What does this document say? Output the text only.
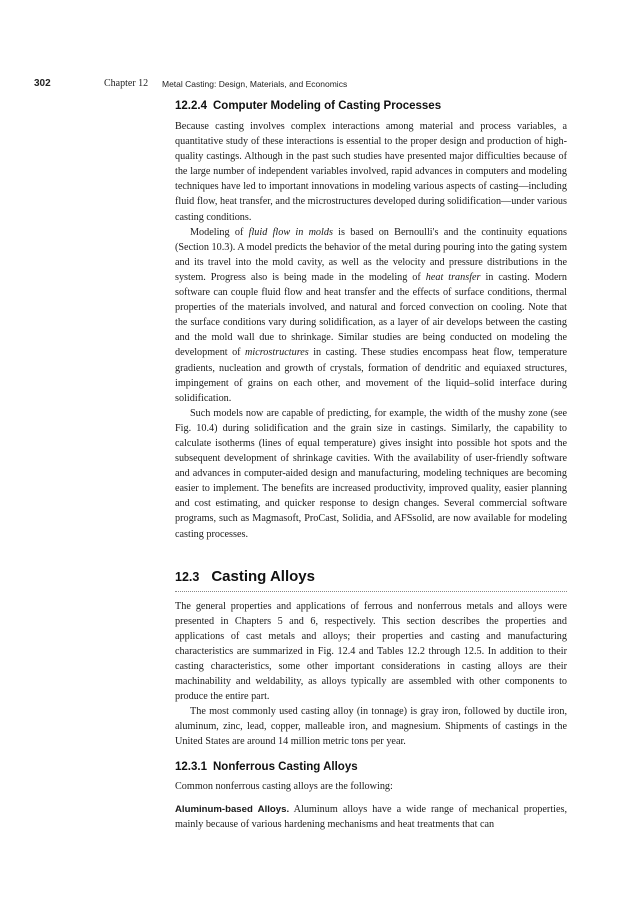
302	Chapter 12 Metal Casting: Design, Materials, and Economics
12.2.4 Computer Modeling of Casting Processes

Because casting involves complex interactions among material and process variables, a quantitative study of these interactions is essential to the proper design and production of high-quality castings. Although in the past such studies have presented major difficulties because of the large number of independent variables involved, rapid advances in computers and modeling techniques have led to important innovations in modeling various aspects of casting—including fluid flow, heat transfer, and the microstructures developed during solidification—under various casting conditions.

Modeling of fluid flow in molds is based on Bernoulli's and the continuity equations (Section 10.3). A model predicts the behavior of the metal during pouring into the gating system and its travel into the mold cavity, as well as the velocity and pressure distributions in the system. Progress also is being made in the modeling of heat transfer in casting. Modern software can couple fluid flow and heat transfer and the effects of surface conditions, thermal properties of the materials involved, and natural and forced convection on cooling. Note that the surface conditions vary during solidification, as a layer of air develops between the casting and the mold wall due to shrinkage. Similar studies are being conducted on modeling the development of microstructures in casting. These studies encompass heat flow, temperature gradients, nucleation and growth of crystals, formation of dendritic and equiaxed structures, impingement of grains on each other, and movement of the liquid–solid interface during solidification.

Such models now are capable of predicting, for example, the width of the mushy zone (see Fig. 10.4) during solidification and the grain size in castings. Similarly, the capability to calculate isotherms (lines of equal temperature) gives insight into possible hot spots and the subsequent development of shrinkage cavities. With the availability of user-friendly software and advances in computer-aided design and manufacturing, modeling techniques are becoming easier to implement. The benefits are increased productivity, improved quality, easier planning and cost estimating, and quicker response to design changes. Several commercial software programs, such as Magmasoft, ProCast, Solidia, and AFSsolid, are now available for modeling casting processes.

12.3 Casting Alloys

The general properties and applications of ferrous and nonferrous metals and alloys were presented in Chapters 5 and 6, respectively. This section describes the properties and applications of cast metals and alloys; their properties and casting and manufacturing characteristics are summarized in Fig. 12.4 and Tables 12.2 through 12.5. In addition to their casting characteristics, some other important considerations in casting alloys are their machinability and weldability, as alloys typically are assembled with other components to produce the entire part.

The most commonly used casting alloy (in tonnage) is gray iron, followed by ductile iron, aluminum, zinc, lead, copper, malleable iron, and magnesium. Shipments of castings in the United States are around 14 million metric tons per year.

12.3.1 Nonferrous Casting Alloys

Common nonferrous casting alloys are the following:

Aluminum-based Alloys. Aluminum alloys have a wide range of mechanical properties, mainly because of various hardening mechanisms and heat treatments that can
